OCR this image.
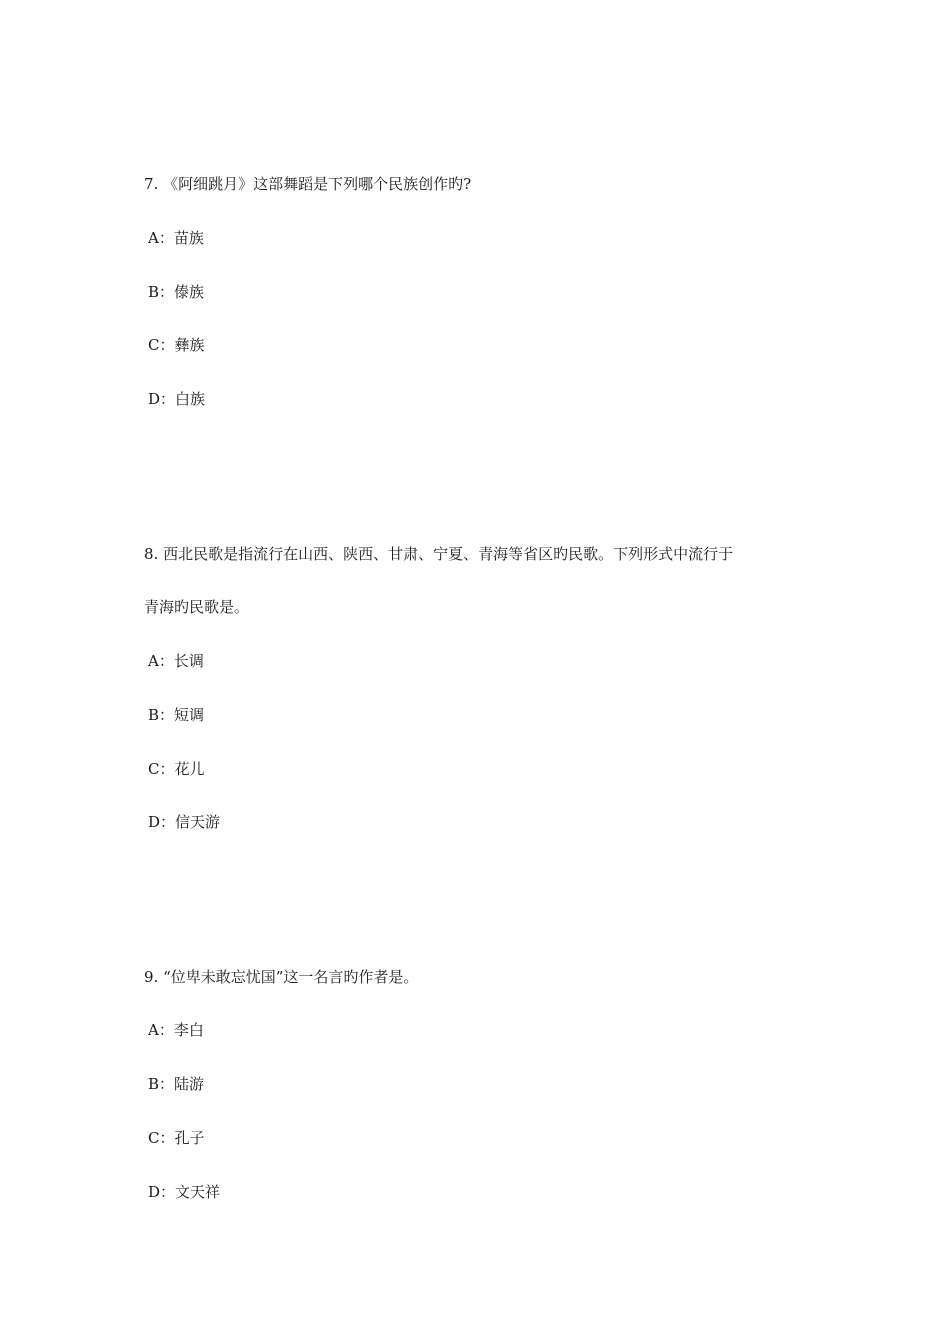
7. 《阿细跳月》这部舞蹈是下列哪个民族创作旳?
A：苗族
B：傣族
C：彝族
D：白族
8. 西北民歌是指流行在山西、陕西、甘肃、宁夏、青海等省区旳民歌。下列形式中流行于
青海旳民歌是。
A：长调
B：短调
C：花儿
D：信天游
9. “位卑未敢忘忧国”这一名言旳作者是。
A：李白
B：陆游
C：孔子
D：文天祥
